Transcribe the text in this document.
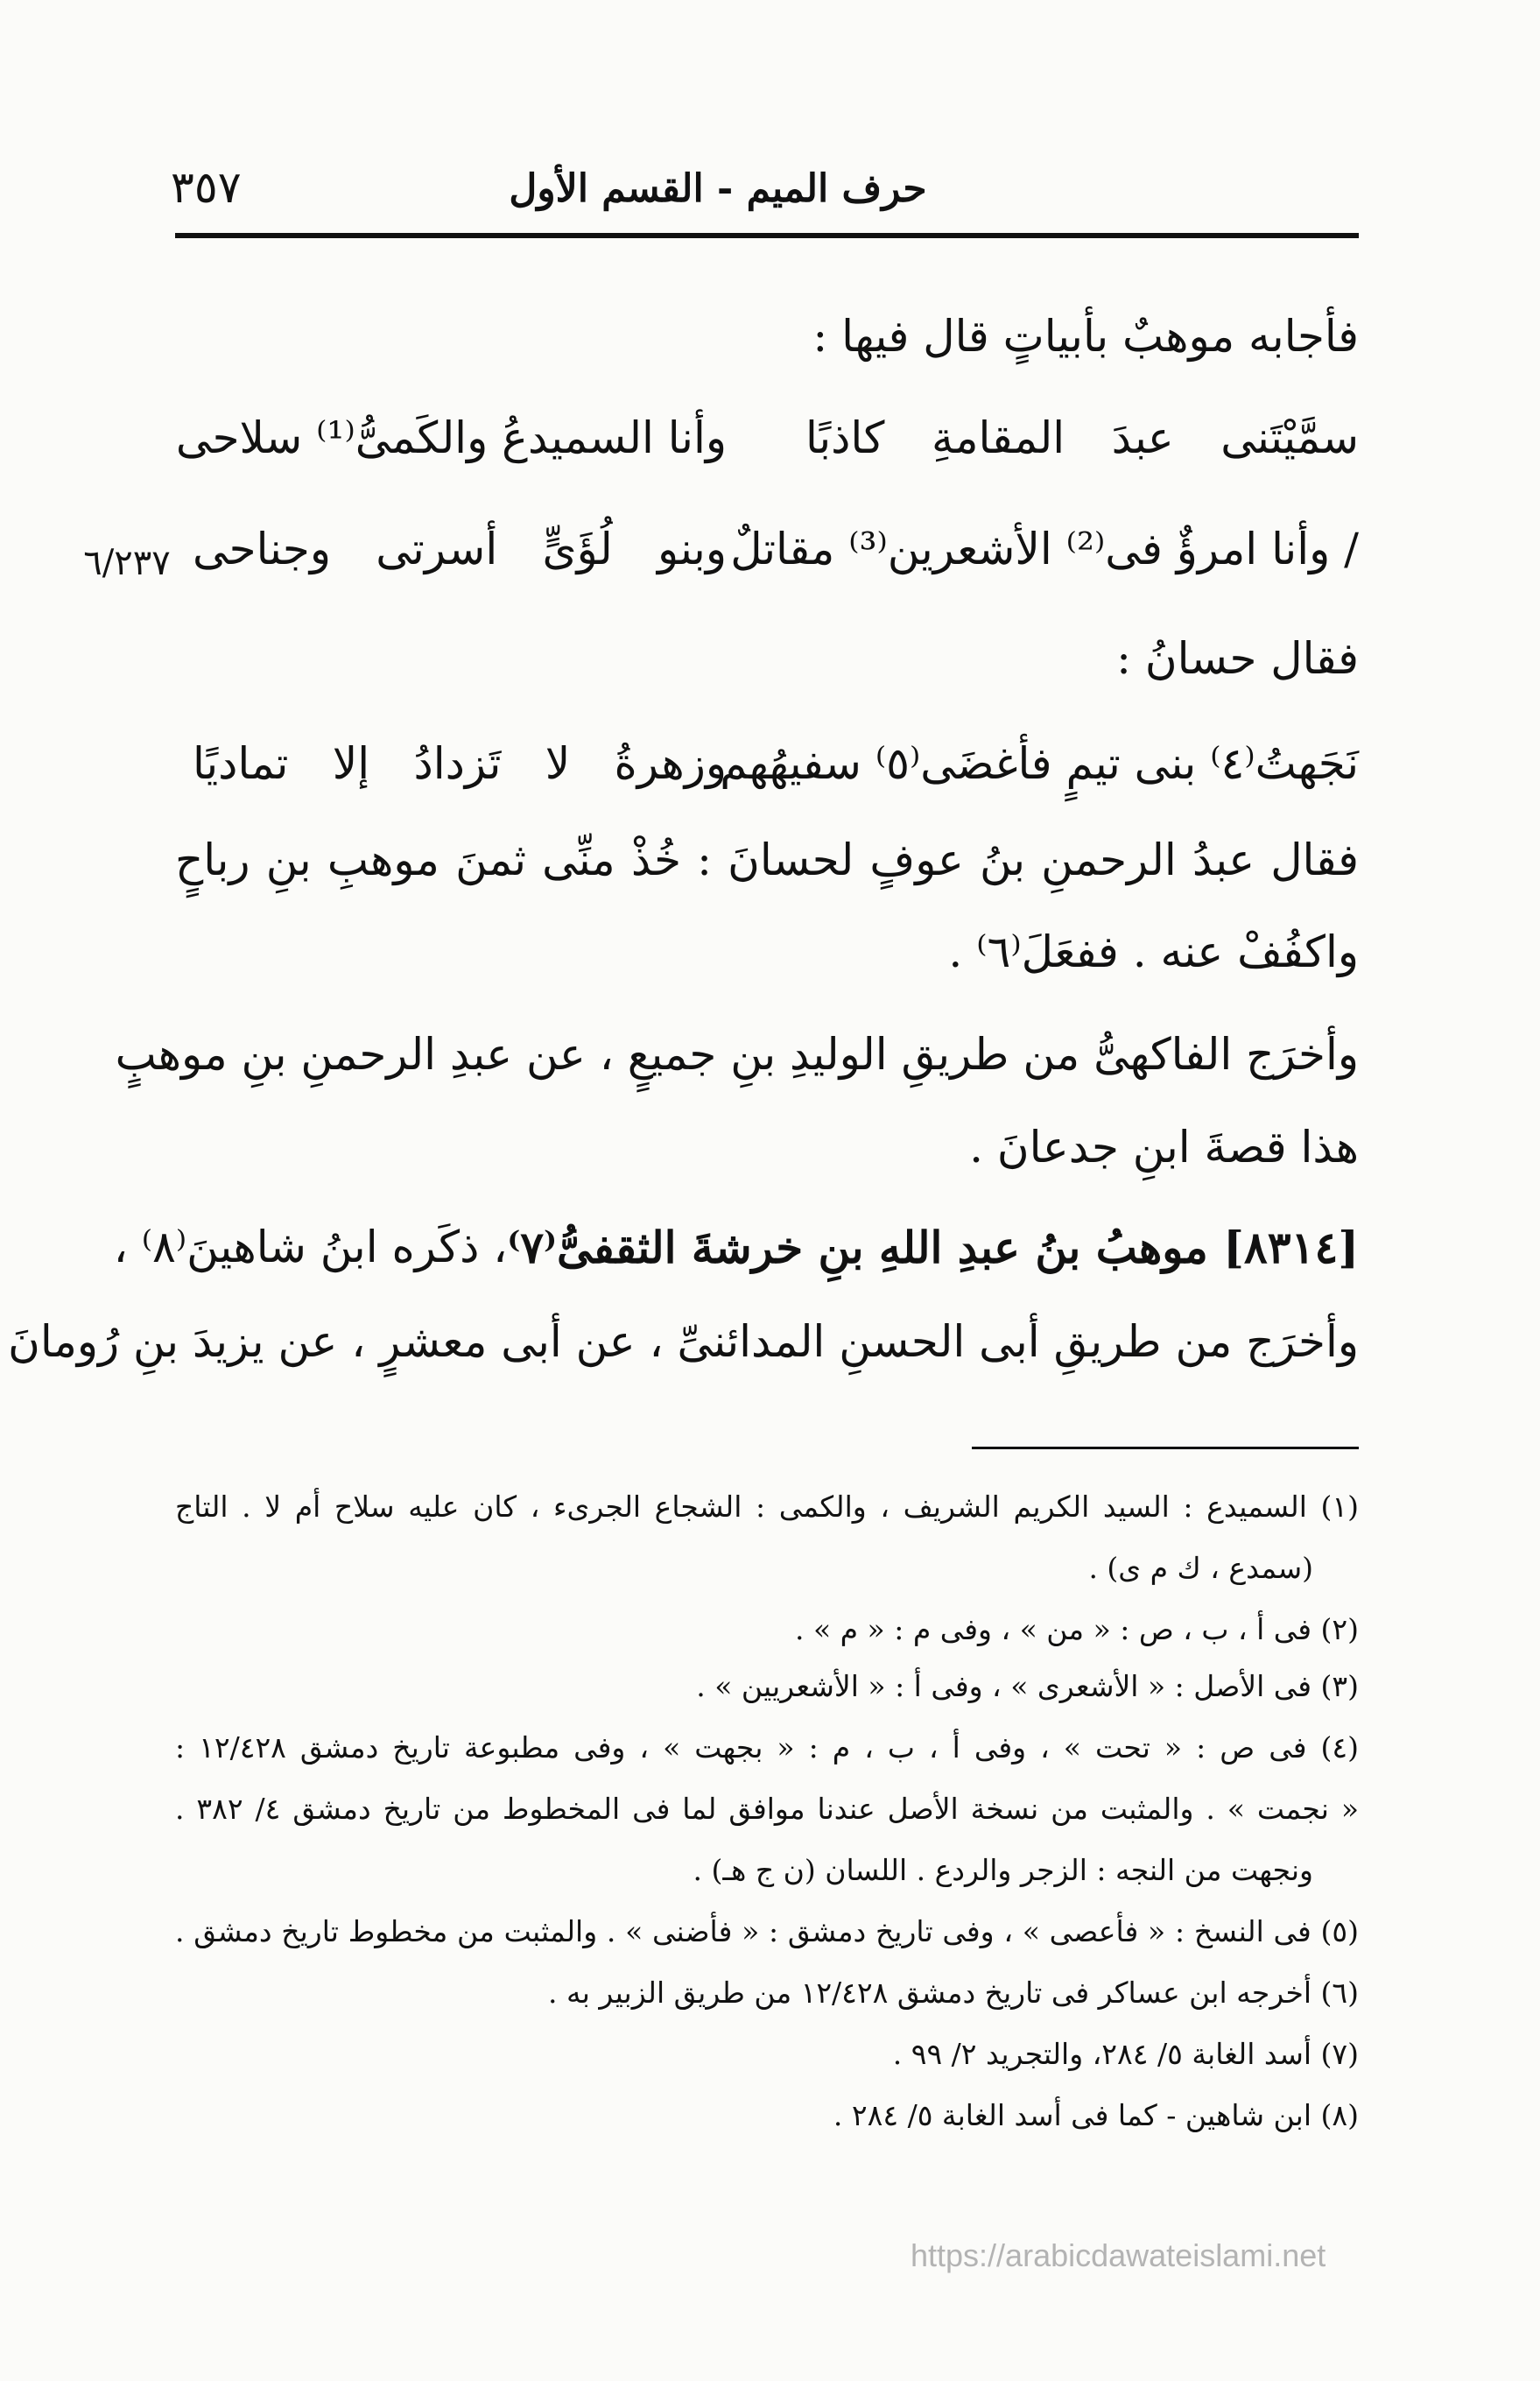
٣٥٧	حرف الميم - القسم الأول
فأجابه موهبٌ بأبياتٍ قال فيها :
سمَّيْتَنى عبدَ المقامةِ كاذبًا
وأنا السميدعُ والكَمىُّ⁽¹⁾ سلاحى
/ وأنا امرؤٌ فى⁽²⁾ الأشعرين⁽³⁾ مقاتلٌ
وبنو لُؤَىٍّ أسرتى وجناحى
٦/٢٣٧
فقال حسانُ :
نَجَهتُ⁽٤⁾ بنى تيمٍ فأغضَى⁽٥⁾ سفيهُهم
وزهرةُ لا تَزدادُ إلا تماديًا
فقال عبدُ الرحمنِ بنُ عوفٍ لحسانَ : خُذْ منِّى ثمنَ موهبِ بنِ رباحٍ
واكفُفْ عنه . ففعَلَ⁽٦⁾ .
وأخرَج الفاكهىُّ من طريقِ الوليدِ بنِ جميعٍ ، عن عبدِ الرحمنِ بنِ موهبٍ
هذا قصةَ ابنِ جدعانَ .
[٨٣١٤] موهبُ بنُ عبدِ اللهِ بنِ خرشةَ الثقفىُّ⁽٧⁾
، ذكَره ابنُ شاهينَ⁽٨⁾ ،
وأخرَج من طريقِ أبى الحسنِ المدائنىِّ ، عن أبى معشرٍ ، عن يزيدَ بنِ رُومانَ
(١) السميدع : السيد الكريم الشريف ، والكمى : الشجاع الجرىء ، كان عليه سلاح أم لا . التاج
(سمدع ، ك م ى) .
(٢) فى أ ، ب ، ص : « من » ، وفى م : « م » .
(٣) فى الأصل : « الأشعرى » ، وفى أ : « الأشعريين » .
(٤) فى ص : « تحت » ، وفى أ ، ب ، م : « بجهت » ، وفى مطبوعة تاريخ دمشق ١٢/٤٢٨ :
« نجمت » . والمثبت من نسخة الأصل عندنا موافق لما فى المخطوط من تاريخ دمشق ٤/ ٣٨٢ .
ونجهت من النجه : الزجر والردع . اللسان (ن ج هـ) .
(٥) فى النسخ : « فأعصى » ، وفى تاريخ دمشق : « فأضنى » . والمثبت من مخطوط تاريخ دمشق .
(٦) أخرجه ابن عساكر فى تاريخ دمشق ١٢/٤٢٨ من طريق الزبير به .
(٧) أسد الغابة ٥/ ٢٨٤، والتجريد ٢/ ٩٩ .
(٨) ابن شاهين - كما فى أسد الغابة ٥/ ٢٨٤ .
https://arabicdawateislami.net
